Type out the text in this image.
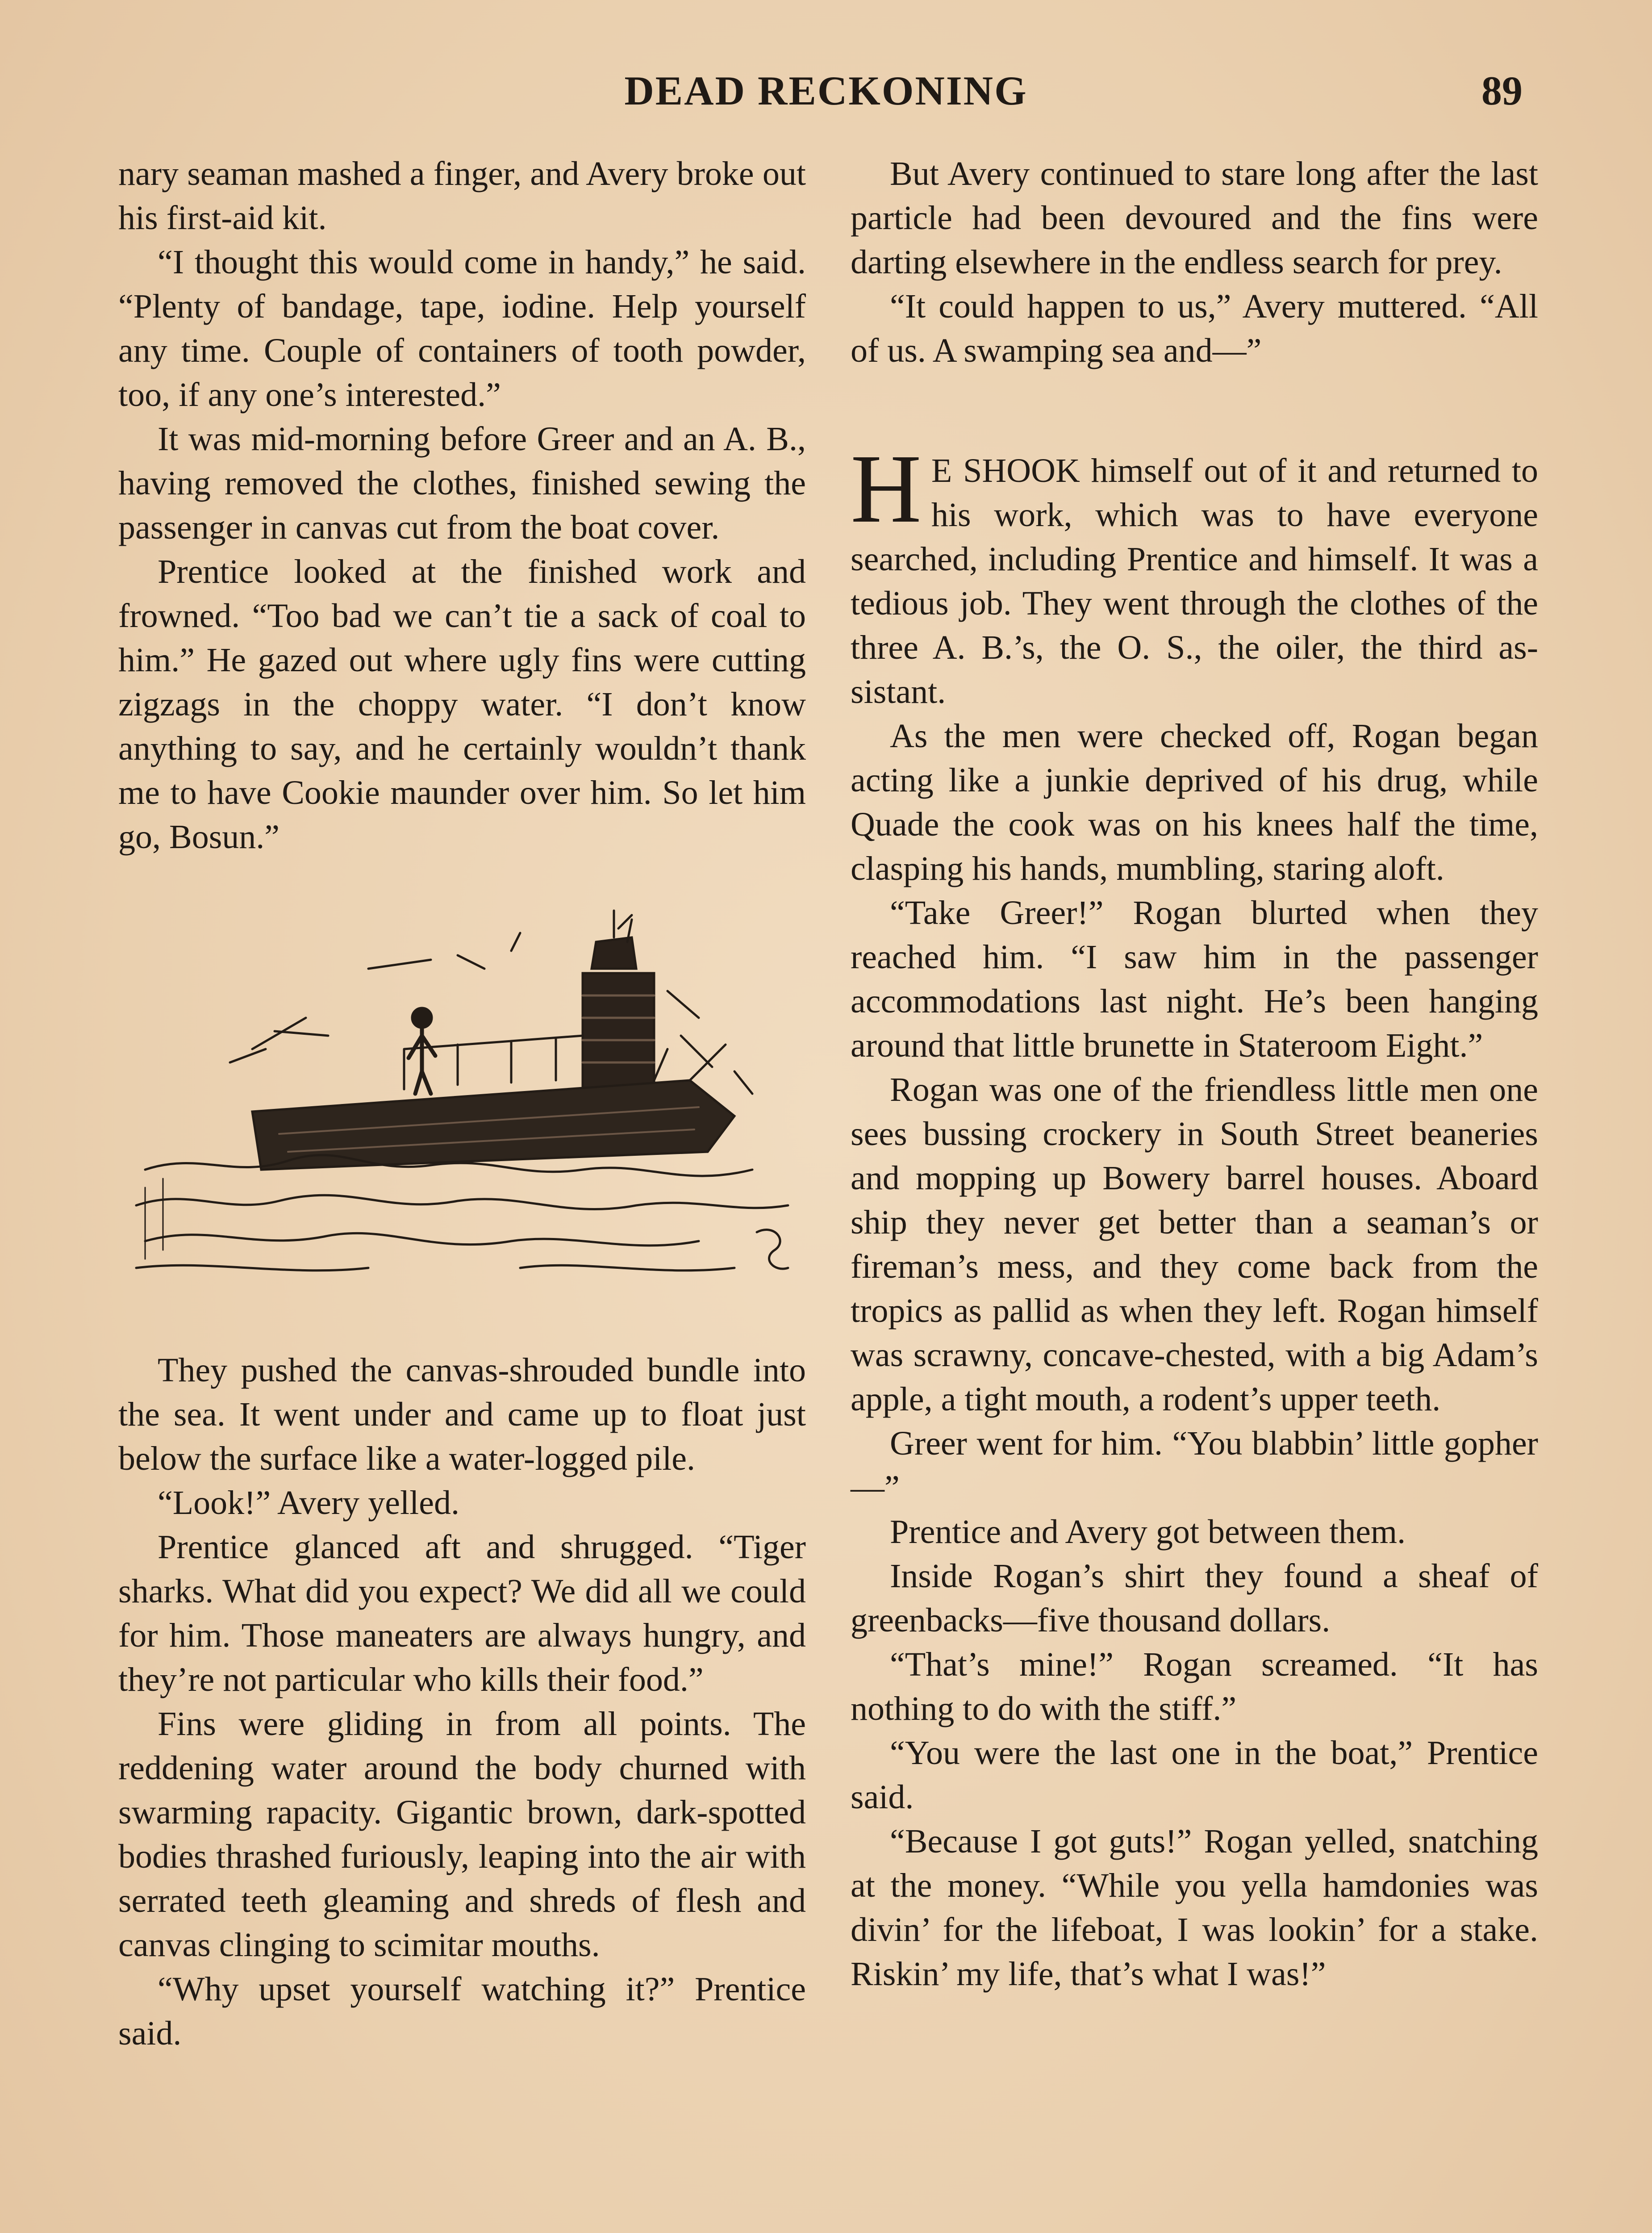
DEAD RECKONING	89

nary seaman mashed a finger, and Avery broke out his first-aid kit.

“I thought this would come in handy,” he said. “Plenty of bandage, tape, iodine. Help yourself any time. Couple of containers of tooth powder, too, if any one’s interested.”

It was mid-morning before Greer and an A. B., having removed the clothes, finished sewing the passenger in canvas cut from the boat cover.

Prentice looked at the finished work and frowned. “Too bad we can’t tie a sack of coal to him.” He gazed out where ugly fins were cutting zigzags in the choppy water. “I don’t know anything to say, and he certainly wouldn’t thank me to have Cookie maunder over him. So let him go, Bosun.”

They pushed the canvas-shrouded bundle into the sea. It went under and came up to float just below the surface like a water-logged pile.

“Look!” Avery yelled.

Prentice glanced aft and shrugged. “Tiger sharks. What did you expect? We did all we could for him. Those maneaters are always hungry, and they’re not particular who kills their food.”

Fins were gliding in from all points. The reddening water around the body churned with swarming rapacity. Gigantic brown, dark-spotted bodies thrashed furiously, leaping into the air with serrated teeth gleaming and shreds of flesh and canvas clinging to scimitar mouths.

“Why upset yourself watching it?” Prentice said.

But Avery continued to stare long after the last particle had been devoured and the fins were darting elsewhere in the endless search for prey.

“It could happen to us,” Avery muttered. “All of us. A swamping sea and—”

H E SHOOK himself out of it and returned to his work, which was to have everyone searched, including Prentice and himself. It was a tedious job. They went through the clothes of the three A. B.’s, the O. S., the oiler, the third assistant.

As the men were checked off, Rogan began acting like a junkie deprived of his drug, while Quade the cook was on his knees half the time, clasping his hands, mumbling, staring aloft.

“Take Greer!” Rogan blurted when they reached him. “I saw him in the passenger accommodations last night. He’s been hanging around that little brunette in Stateroom Eight.”

Rogan was one of the friendless little men one sees bussing crockery in South Street beaneries and mopping up Bowery barrel houses. Aboard ship they never get better than a seaman’s or fireman’s mess, and they come back from the tropics as pallid as when they left. Rogan himself was scrawny, concave-chested, with a big Adam’s apple, a tight mouth, a rodent’s upper teeth.

Greer went for him. “You blabbin’ little gopher—”

Prentice and Avery got between them.

Inside Rogan’s shirt they found a sheaf of greenbacks—five thousand dollars.

“That’s mine!” Rogan screamed. “It has nothing to do with the stiff.”

“You were the last one in the boat,” Prentice said.

“Because I got guts!” Rogan yelled, snatching at the money. “While you yella hamdonies was divin’ for the lifeboat, I was lookin’ for a stake. Riskin’ my life, that’s what I was!”
